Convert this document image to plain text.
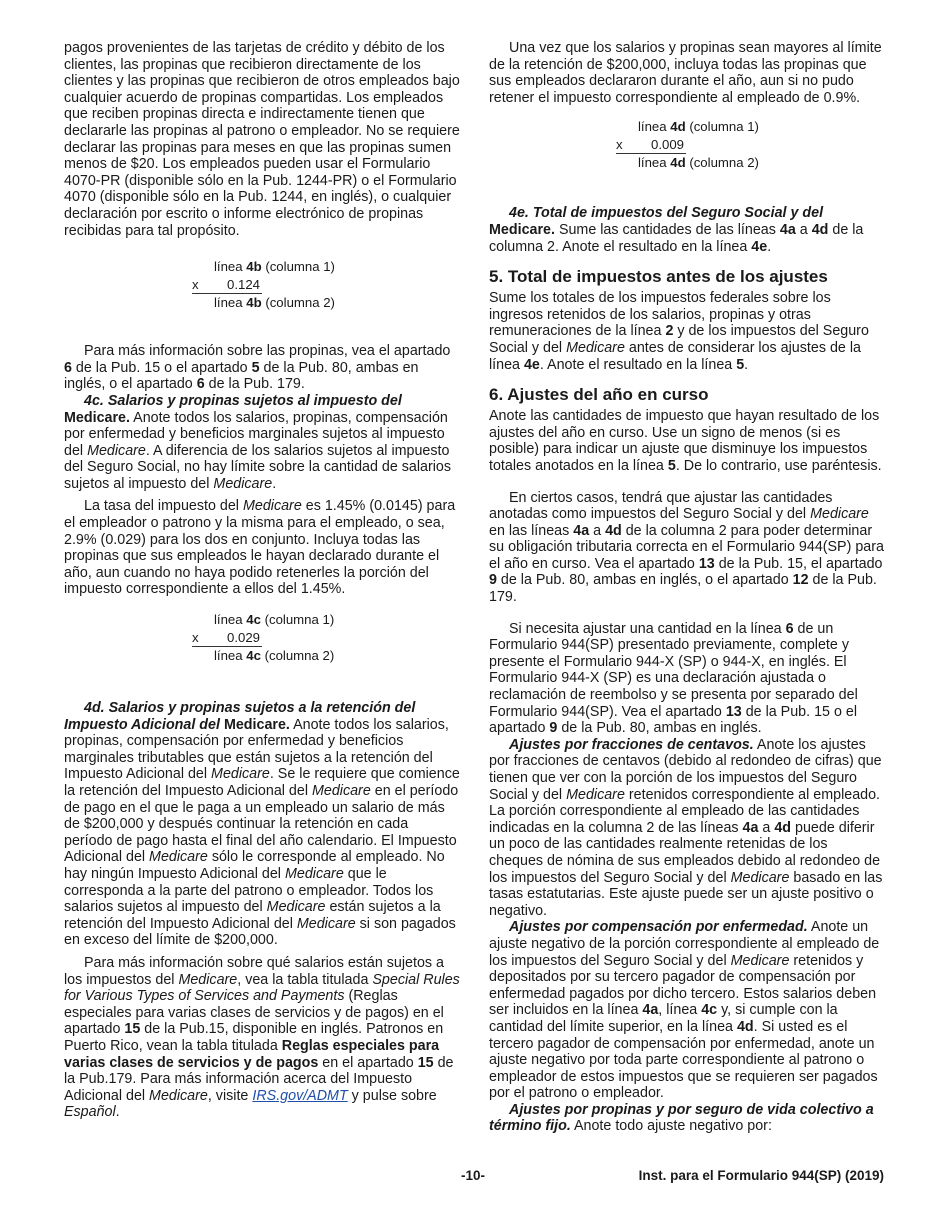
pagos provenientes de las tarjetas de crédito y débito de los clientes, las propinas que recibieron directamente de los clientes y las propinas que recibieron de otros empleados bajo cualquier acuerdo de propinas compartidas. Los empleados que reciben propinas directa e indirectamente tienen que declararle las propinas al patrono o empleador. No se requiere declarar las propinas para meses en que las propinas sumen menos de $20. Los empleados pueden usar el Formulario 4070-PR (disponible sólo en la Pub. 1244-PR) o el Formulario 4070 (disponible sólo en la Pub. 1244, en inglés), o cualquier declaración por escrito o informe electrónico de propinas recibidas para tal propósito.

línea 4b (columna 1)
x 0.124
línea 4b (columna 2)

Para más información sobre las propinas, vea el apartado 6 de la Pub. 15 o el apartado 5 de la Pub. 80, ambas en inglés, o el apartado 6 de la Pub. 179.

4c. Salarios y propinas sujetos al impuesto del Medicare. Anote todos los salarios, propinas, compensación por enfermedad y beneficios marginales sujetos al impuesto del Medicare. A diferencia de los salarios sujetos al impuesto del Seguro Social, no hay límite sobre la cantidad de salarios sujetos al impuesto del Medicare.

La tasa del impuesto del Medicare es 1.45% (0.0145) para el empleador o patrono y la misma para el empleado, o sea, 2.9% (0.029) para los dos en conjunto. Incluya todas las propinas que sus empleados le hayan declarado durante el año, aun cuando no haya podido retenerles la porción del impuesto correspondiente a ellos del 1.45%.

línea 4c (columna 1)
x 0.029
línea 4c (columna 2)

4d. Salarios y propinas sujetos a la retención del Impuesto Adicional del Medicare. Anote todos los salarios, propinas, compensación por enfermedad y beneficios marginales tributables que están sujetos a la retención del Impuesto Adicional del Medicare. Se le requiere que comience la retención del Impuesto Adicional del Medicare en el período de pago en el que le paga a un empleado un salario de más de $200,000 y después continuar la retención en cada período de pago hasta el final del año calendario. El Impuesto Adicional del Medicare sólo le corresponde al empleado. No hay ningún Impuesto Adicional del Medicare que le corresponda a la parte del patrono o empleador. Todos los salarios sujetos al impuesto del Medicare están sujetos a la retención del Impuesto Adicional del Medicare si son pagados en exceso del límite de $200,000.

Para más información sobre qué salarios están sujetos a los impuestos del Medicare, vea la tabla titulada Special Rules for Various Types of Services and Payments (Reglas especiales para varias clases de servicios y de pagos) en el apartado 15 de la Pub.15, disponible en inglés. Patronos en Puerto Rico, vean la tabla titulada Reglas especiales para varias clases de servicios y de pagos en el apartado 15 de la Pub.179. Para más información acerca del Impuesto Adicional del Medicare, visite IRS.gov/ADMT y pulse sobre Español.

Una vez que los salarios y propinas sean mayores al límite de la retención de $200,000, incluya todas las propinas que sus empleados declararon durante el año, aun si no pudo retener el impuesto correspondiente al empleado de 0.9%.

línea 4d (columna 1)
x 0.009
línea 4d (columna 2)

4e. Total de impuestos del Seguro Social y del Medicare. Sume las cantidades de las líneas 4a a 4d de la columna 2. Anote el resultado en la línea 4e.

5. Total de impuestos antes de los ajustes

Sume los totales de los impuestos federales sobre los ingresos retenidos de los salarios, propinas y otras remuneraciones de la línea 2 y de los impuestos del Seguro Social y del Medicare antes de considerar los ajustes de la línea 4e. Anote el resultado en la línea 5.

6. Ajustes del año en curso

Anote las cantidades de impuesto que hayan resultado de los ajustes del año en curso. Use un signo de menos (si es posible) para indicar un ajuste que disminuye los impuestos totales anotados en la línea 5. De lo contrario, use paréntesis.

En ciertos casos, tendrá que ajustar las cantidades anotadas como impuestos del Seguro Social y del Medicare en las líneas 4a a 4d de la columna 2 para poder determinar su obligación tributaria correcta en el Formulario 944(SP) para el año en curso. Vea el apartado 13 de la Pub. 15, el apartado 9 de la Pub. 80, ambas en inglés, o el apartado 12 de la Pub. 179.

Si necesita ajustar una cantidad en la línea 6 de un Formulario 944(SP) presentado previamente, complete y presente el Formulario 944-X (SP) o 944-X, en inglés. El Formulario 944-X (SP) es una declaración ajustada o reclamación de reembolso y se presenta por separado del Formulario 944(SP). Vea el apartado 13 de la Pub. 15 o el apartado 9 de la Pub. 80, ambas en inglés.

Ajustes por fracciones de centavos. Anote los ajustes por fracciones de centavos (debido al redondeo de cifras) que tienen que ver con la porción de los impuestos del Seguro Social y del Medicare retenidos correspondiente al empleado. La porción correspondiente al empleado de las cantidades indicadas en la columna 2 de las líneas 4a a 4d puede diferir un poco de las cantidades realmente retenidas de los cheques de nómina de sus empleados debido al redondeo de los impuestos del Seguro Social y del Medicare basado en las tasas estatutarias. Este ajuste puede ser un ajuste positivo o negativo.

Ajustes por compensación por enfermedad. Anote un ajuste negativo de la porción correspondiente al empleado de los impuestos del Seguro Social y del Medicare retenidos y depositados por su tercero pagador de compensación por enfermedad pagados por dicho tercero. Estos salarios deben ser incluidos en la línea 4a, línea 4c y, si cumple con la cantidad del límite superior, en la línea 4d. Si usted es el tercero pagador de compensación por enfermedad, anote un ajuste negativo por toda parte correspondiente al patrono o empleador de estos impuestos que se requieren ser pagados por el patrono o empleador.

Ajustes por propinas y por seguro de vida colectivo a término fijo. Anote todo ajuste negativo por:

-10-	Inst. para el Formulario 944(SP) (2019)
